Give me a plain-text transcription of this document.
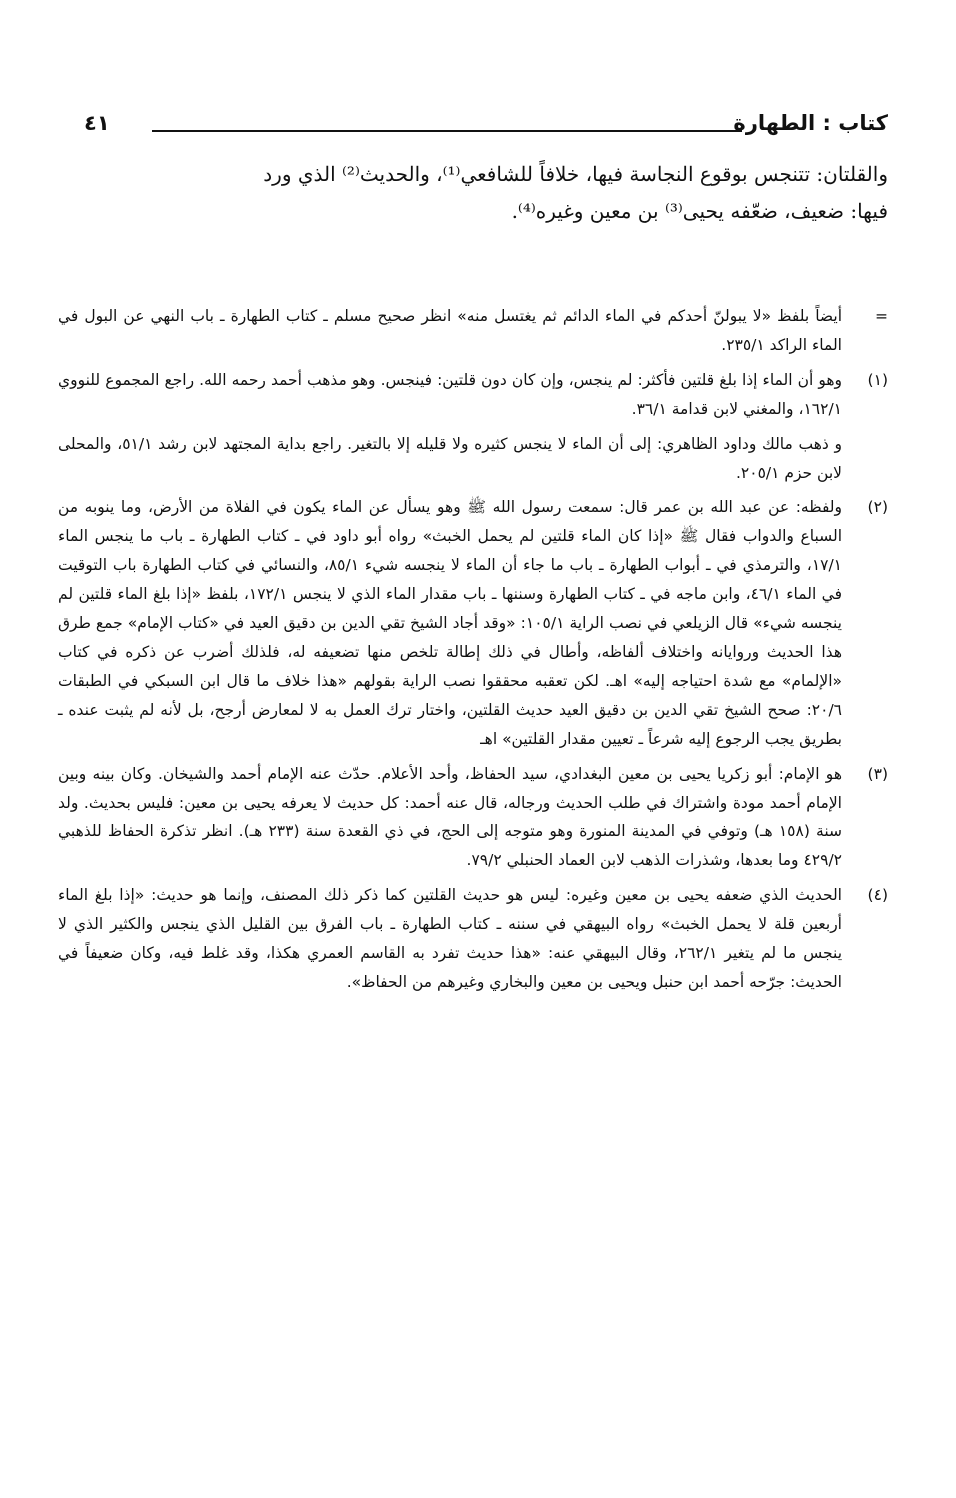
كتاب : الطهارة
٤١
والقلتان: تتنجس بوقوع النجاسة فيها، خلافاً للشافعي⁽¹⁾، والحديث⁽²⁾ الذي ورد
فيها: ضعيف، ضعّفه يحيى⁽³⁾ بن معين وغيره⁽⁴⁾.
=
أيضاً بلفظ «لا يبولنّ أحدكم في الماء الدائم ثم يغتسل منه» انظر صحيح مسلم ـ كتاب الطهارة ـ باب النهي عن البول في الماء الراكد ٢٣٥/١.
(١)
وهو أن الماء إذا بلغ قلتين فأكثر: لم ينجس، وإن كان دون قلتين: فينجس. وهو مذهب أحمد رحمه الله. راجع المجموع للنووي ١٦٢/١، والمغني لابن قدامة ٣٦/١.
و ذهب مالك وداود الظاهري: إلى أن الماء لا ينجس كثيره ولا قليله إلا بالتغير. راجع بداية المجتهد لابن رشد ٥١/١، والمحلى لابن حزم ٢٠٥/١.
(٢)
ولفظه: عن عبد الله بن عمر قال: سمعت رسول الله ﷺ وهو يسأل عن الماء يكون في الفلاة من الأرض، وما ينوبه من السباع والدواب فقال ﷺ «إذا كان الماء قلتين لم يحمل الخبث» رواه أبو داود في ـ كتاب الطهارة ـ باب ما ينجس الماء ١٧/١، والترمذي في ـ أبواب الطهارة ـ باب ما جاء أن الماء لا ينجسه شيء ٨٥/١، والنسائي في كتاب الطهارة باب التوقيت في الماء ٤٦/١، وابن ماجه في ـ كتاب الطهارة وسننها ـ باب مقدار الماء الذي لا ينجس ١٧٢/١، بلفظ «إذا بلغ الماء قلتين لم ينجسه شيء» قال الزيلعي في نصب الراية ١٠٥/١: «وقد أجاد الشيخ تقي الدين بن دقيق العيد في «كتاب الإمام» جمع طرق هذا الحديث وروايانه واختلاف ألفاظه، وأطال في ذلك إطالة تلخص منها تضعيفه له، فلذلك أضرب عن ذكره في كتاب «الإلمام» مع شدة احتياجه إليه» اهـ. لكن تعقبه محققوا نصب الراية بقولهم «هذا خلاف ما قال ابن السبكي في الطبقات ٢٠/٦: صحح الشيخ تقي الدين بن دقيق العيد حديث القلتين، واختار ترك العمل به لا لمعارض أرجح، بل لأنه لم يثبت عنده ـ بطريق يجب الرجوع إليه شرعاً ـ تعيين مقدار القلتين» اهـ
(٣)
هو الإمام: أبو زكريا يحيى بن معين البغدادي، سيد الحفاظ، وأحد الأعلام. حدّث عنه الإمام أحمد والشيخان. وكان بينه وبين الإمام أحمد مودة واشتراك في طلب الحديث ورجاله، قال عنه أحمد: كل حديث لا يعرفه يحيى بن معين: فليس بحديث. ولد سنة (١٥٨ هـ) وتوفي في المدينة المنورة وهو متوجه إلى الحج، في ذي القعدة سنة (٢٣٣ هـ). انظر تذكرة الحفاظ للذهبي ٤٢٩/٢ وما بعدها، وشذرات الذهب لابن العماد الحنبلي ٧٩/٢.
(٤)
الحديث الذي ضعفه يحيى بن معين وغيره: ليس هو حديث القلتين كما ذكر ذلك المصنف، وإنما هو حديث: «إذا بلغ الماء أربعين قلة لا يحمل الخبث» رواه البيهقي في سننه ـ كتاب الطهارة ـ باب الفرق بين القليل الذي ينجس والكثير الذي لا ينجس ما لم يتغير ٢٦٢/١، وقال البيهقي عنه: «هذا حديث تفرد به القاسم العمري هكذا، وقد غلط فيه، وكان ضعيفاً في الحديث: جرّحه أحمد ابن حنبل ويحيى بن معين والبخاري وغيرهم من الحفاظ».
